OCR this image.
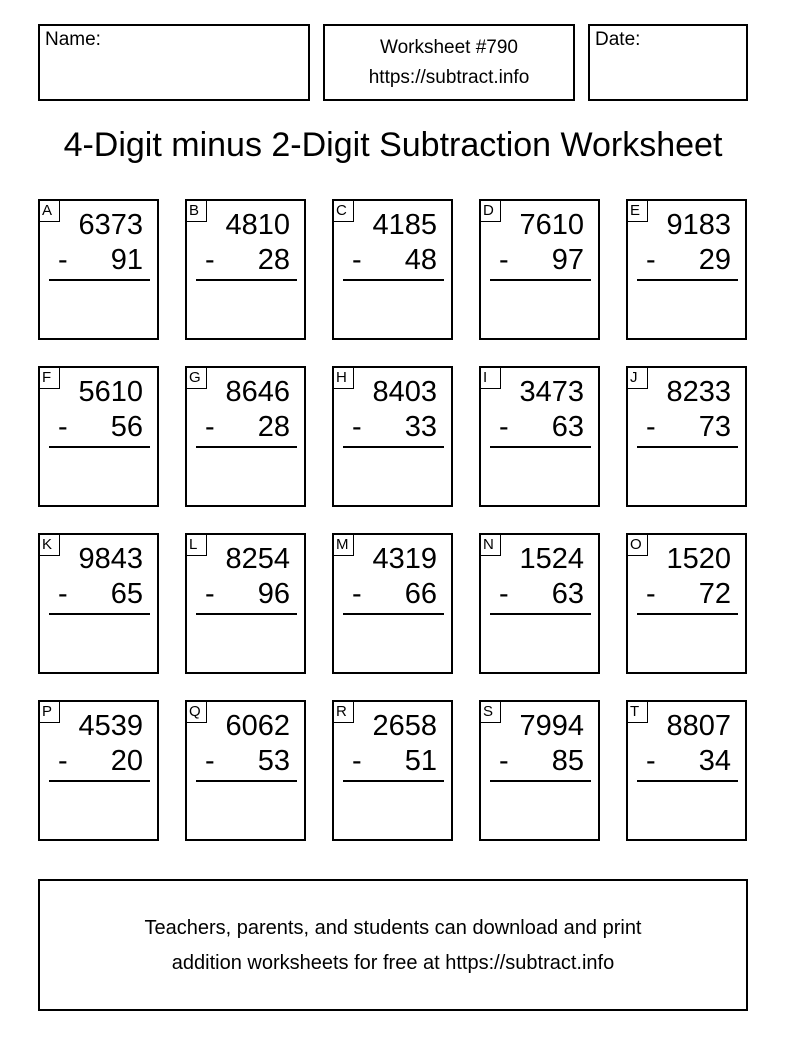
Name:	Worksheet #790
https://subtract.info
Date:
4-Digit minus 2-Digit Subtraction Worksheet
A 6373
- 91
B 4810
- 28
C 4185
- 48
D 7610
- 97
E 9183
- 29
F 5610
- 56
G 8646
- 28
H 8403
- 33
I	3473
- 63
J 8233
- 73
K 9843
- 65
L 8254
- 96
M 4319
- 66
N 1524
- 63
O 1520
- 72
P 4539
- 20
Q 6062
- 53
R 2658
- 51
S 7994
- 85
T 8807
- 34
Teachers, parents, and students can download and print
addition worksheets for free at https://subtract.info
